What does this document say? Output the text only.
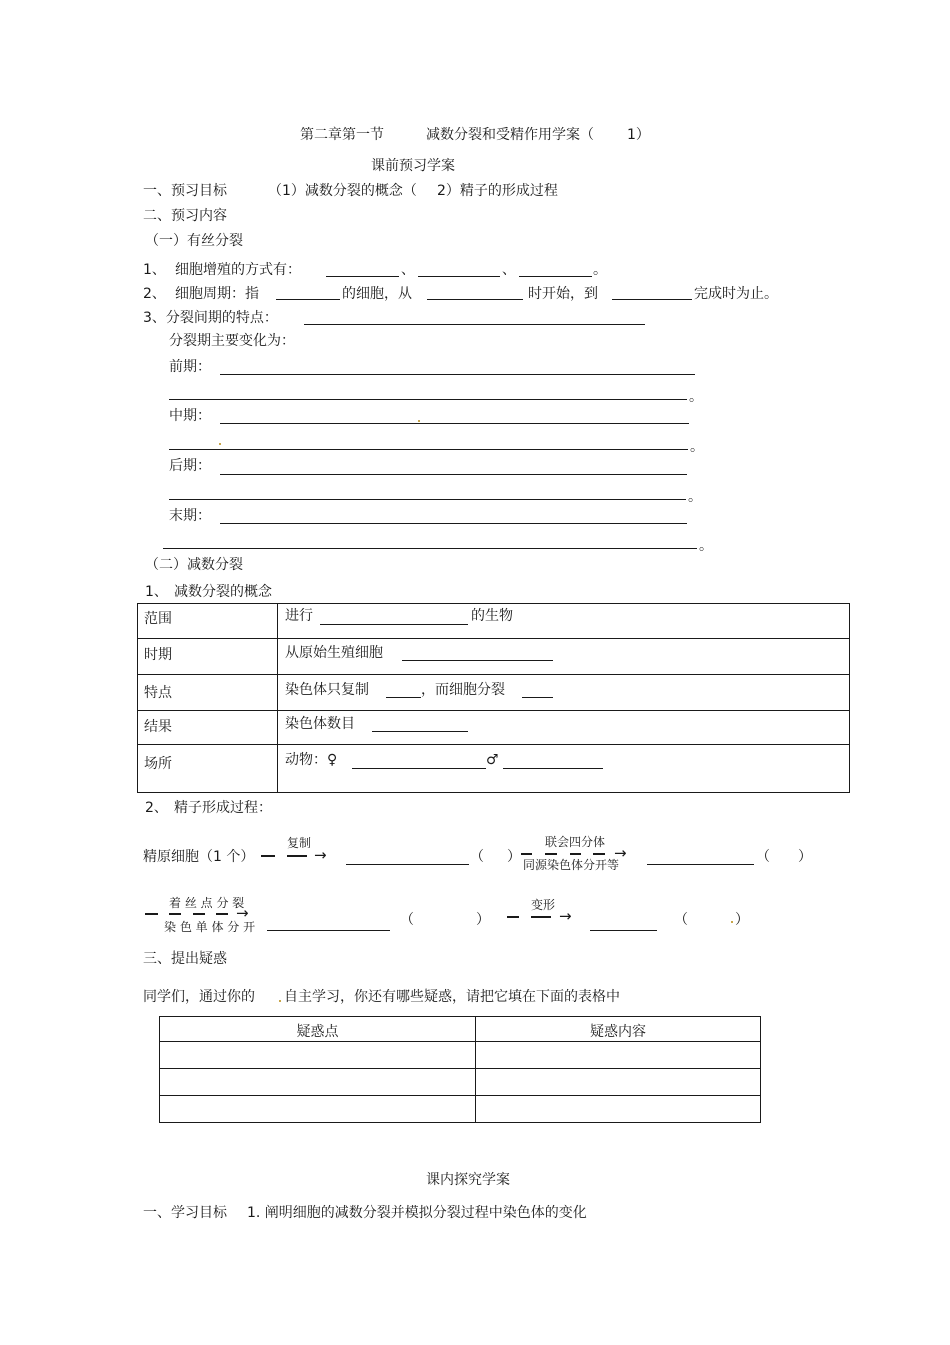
第二章第一节	减数分裂和受精作用学案（ 1）
课前预习学案
一、预习目标	（1）减数分裂的概念（ 2）精子的形成过程
二、预习内容
（一）有丝分裂
1、 细胞增殖的方式有：	、	、	。
2、 细胞周期：指	的细胞，从	时开始，到	完成时为止。
3、分裂间期的特点：
分裂期主要变化为：
前期：
。
中期：
。
后期：
。
末期：
。
（二）减数分裂
1、 减数分裂的概念
范围	进行 的生物

时期	从原始生殖细胞

特点	染色体只复制 ，而细胞分裂

结果	染色体数目

场所	动物：♀ ♂
2、 精子形成过程：
精原细胞（1 个）
复制
→	（ ）
联会四分体
→
同源染色体分开等	（ ）
着 丝 点 分 裂
→
染 色 单 体 分 开	（	）
变形
→	（	）
三、提出疑惑
同学们，通过你的 自主学习，你还有哪些疑惑，请把它填在下面的表格中
疑惑点	疑惑内容

课内探究学案
一、学习目标 1. 阐明细胞的减数分裂并模拟分裂过程中染色体的变化
